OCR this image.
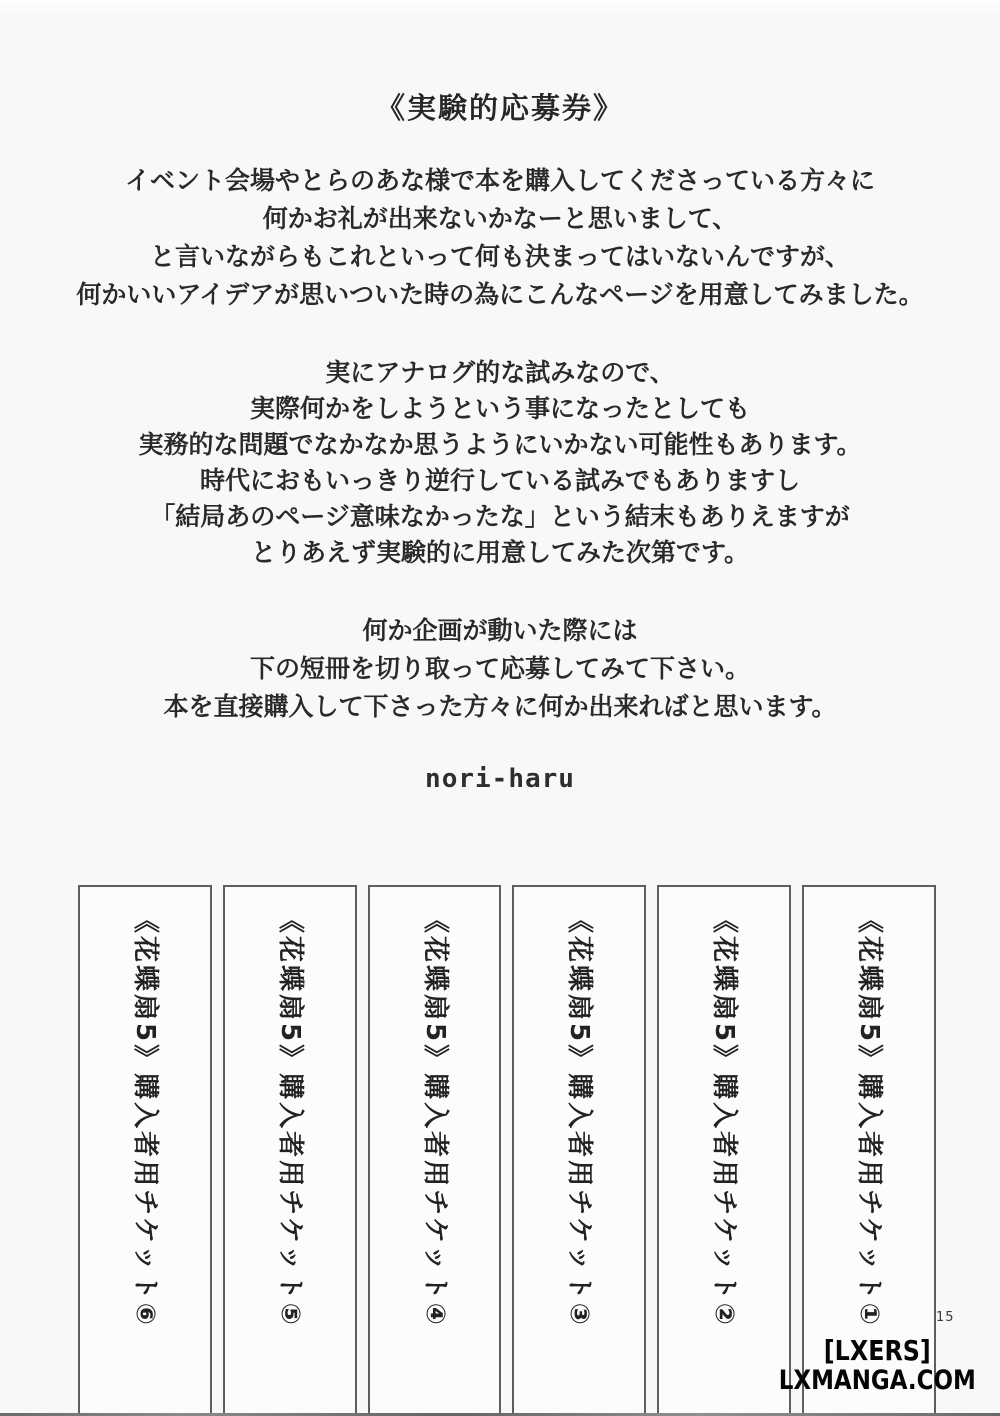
《実験的応募券》
イベント会場やとらのあな様で本を購入してくださっている方々に
何かお礼が出来ないかなーと思いまして、
と言いながらもこれといって何も決まってはいないんですが、
何かいいアイデアが思いついた時の為にこんなページを用意してみました。
実にアナログ的な試みなので、
実際何かをしようという事になったとしても
実務的な問題でなかなか思うようにいかない可能性もあります。
時代におもいっきり逆行している試みでもありますし
「結局あのページ意味なかったな」という結末もありえますが
とりあえず実験的に用意してみた次第です。
何か企画が動いた際には
下の短冊を切り取って応募してみて下さい。
本を直接購入して下さった方々に何か出来ればと思います。
nori-haru
《花蝶扇5》購入者用チケット⑥	《花蝶扇5》購入者用チケット⑤	《花蝶扇5》購入者用チケット④	《花蝶扇5》購入者用チケット③	《花蝶扇5》購入者用チケット②	《花蝶扇5》購入者用チケット①	15
[LXERS]
LXMANGA.COM
